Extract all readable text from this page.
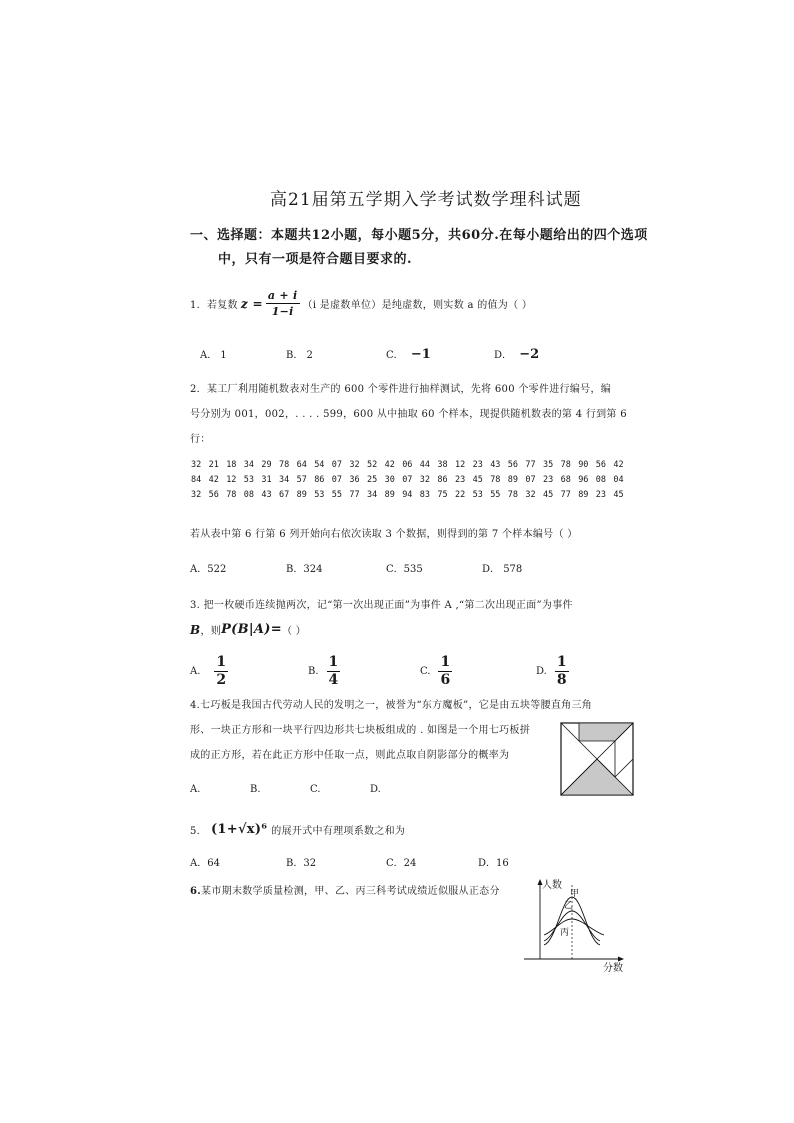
高21届第五学期入学考试数学理科试题
一、选择题：本题共12小题，每小题5分，共60分.在每小题给出的四个选项
中，只有一项是符合题目要求的.
1．若复数 $z = \frac{a + i}{1-i} (i$ 是虚数单位）是纯虚数，则实数 a 的值为（ ）
A． 1	B． 2	C． −1	D． −2
2．某工厂利用随机数表对生产的 600 个零件进行抽样测试，先将 600 个零件进行编号，编
号分别为 001，002，. . . . 599，600 从中抽取 60 个样本，现提供随机数表的第 4 行到第 6
行：
32 21 18 34 29 78 64 54 07 32 52 42 06 44 38 12 23 43 56 77 35 78 90 56 42
84 42 12 53 31 34 57 86 07 36 25 30 07 32 86 23 45 78 89 07 23 68 96 08 04
32 56 78 08 43 67 89 53 55 77 34 89 94 83 75 22 53 55 78 32 45 77 89 23 45
若从表中第 6 行第 6 列开始向右依次读取 3 个数据，则得到的第 7 个样本编号（ ）
A．522	B．324	C．535	D． 578
3. 把一枚硬币连续抛两次，记“第一次出现正面”为事件 A ,“第二次出现正面”为事件
B ，则 P(B|A)= （ ）
A. $\frac{1}{2}$	B. $\frac{1}{4}$	C. $\frac{1}{6}$	D. $\frac{1}{8}$
4.七巧板是我国古代劳动人民的发明之一，被誉为“东方魔板”，它是由五块等腰直角三角
形、一块正方形和一块平行四边形共七块板组成的 . 如图是一个用七巧板拼
成的正方形，若在此正方形中任取一点，则此点取自阴影部分的概率为
A.	B.	C.	D.
5． (1+√x)⁶ 的展开式中有理项系数之和为
A．64	B．32	C．24	D．16
6.某市期末数学质量检测，甲、乙、丙三科考试成绩近似服从正态分
人数
分数
甲
乙
丙
